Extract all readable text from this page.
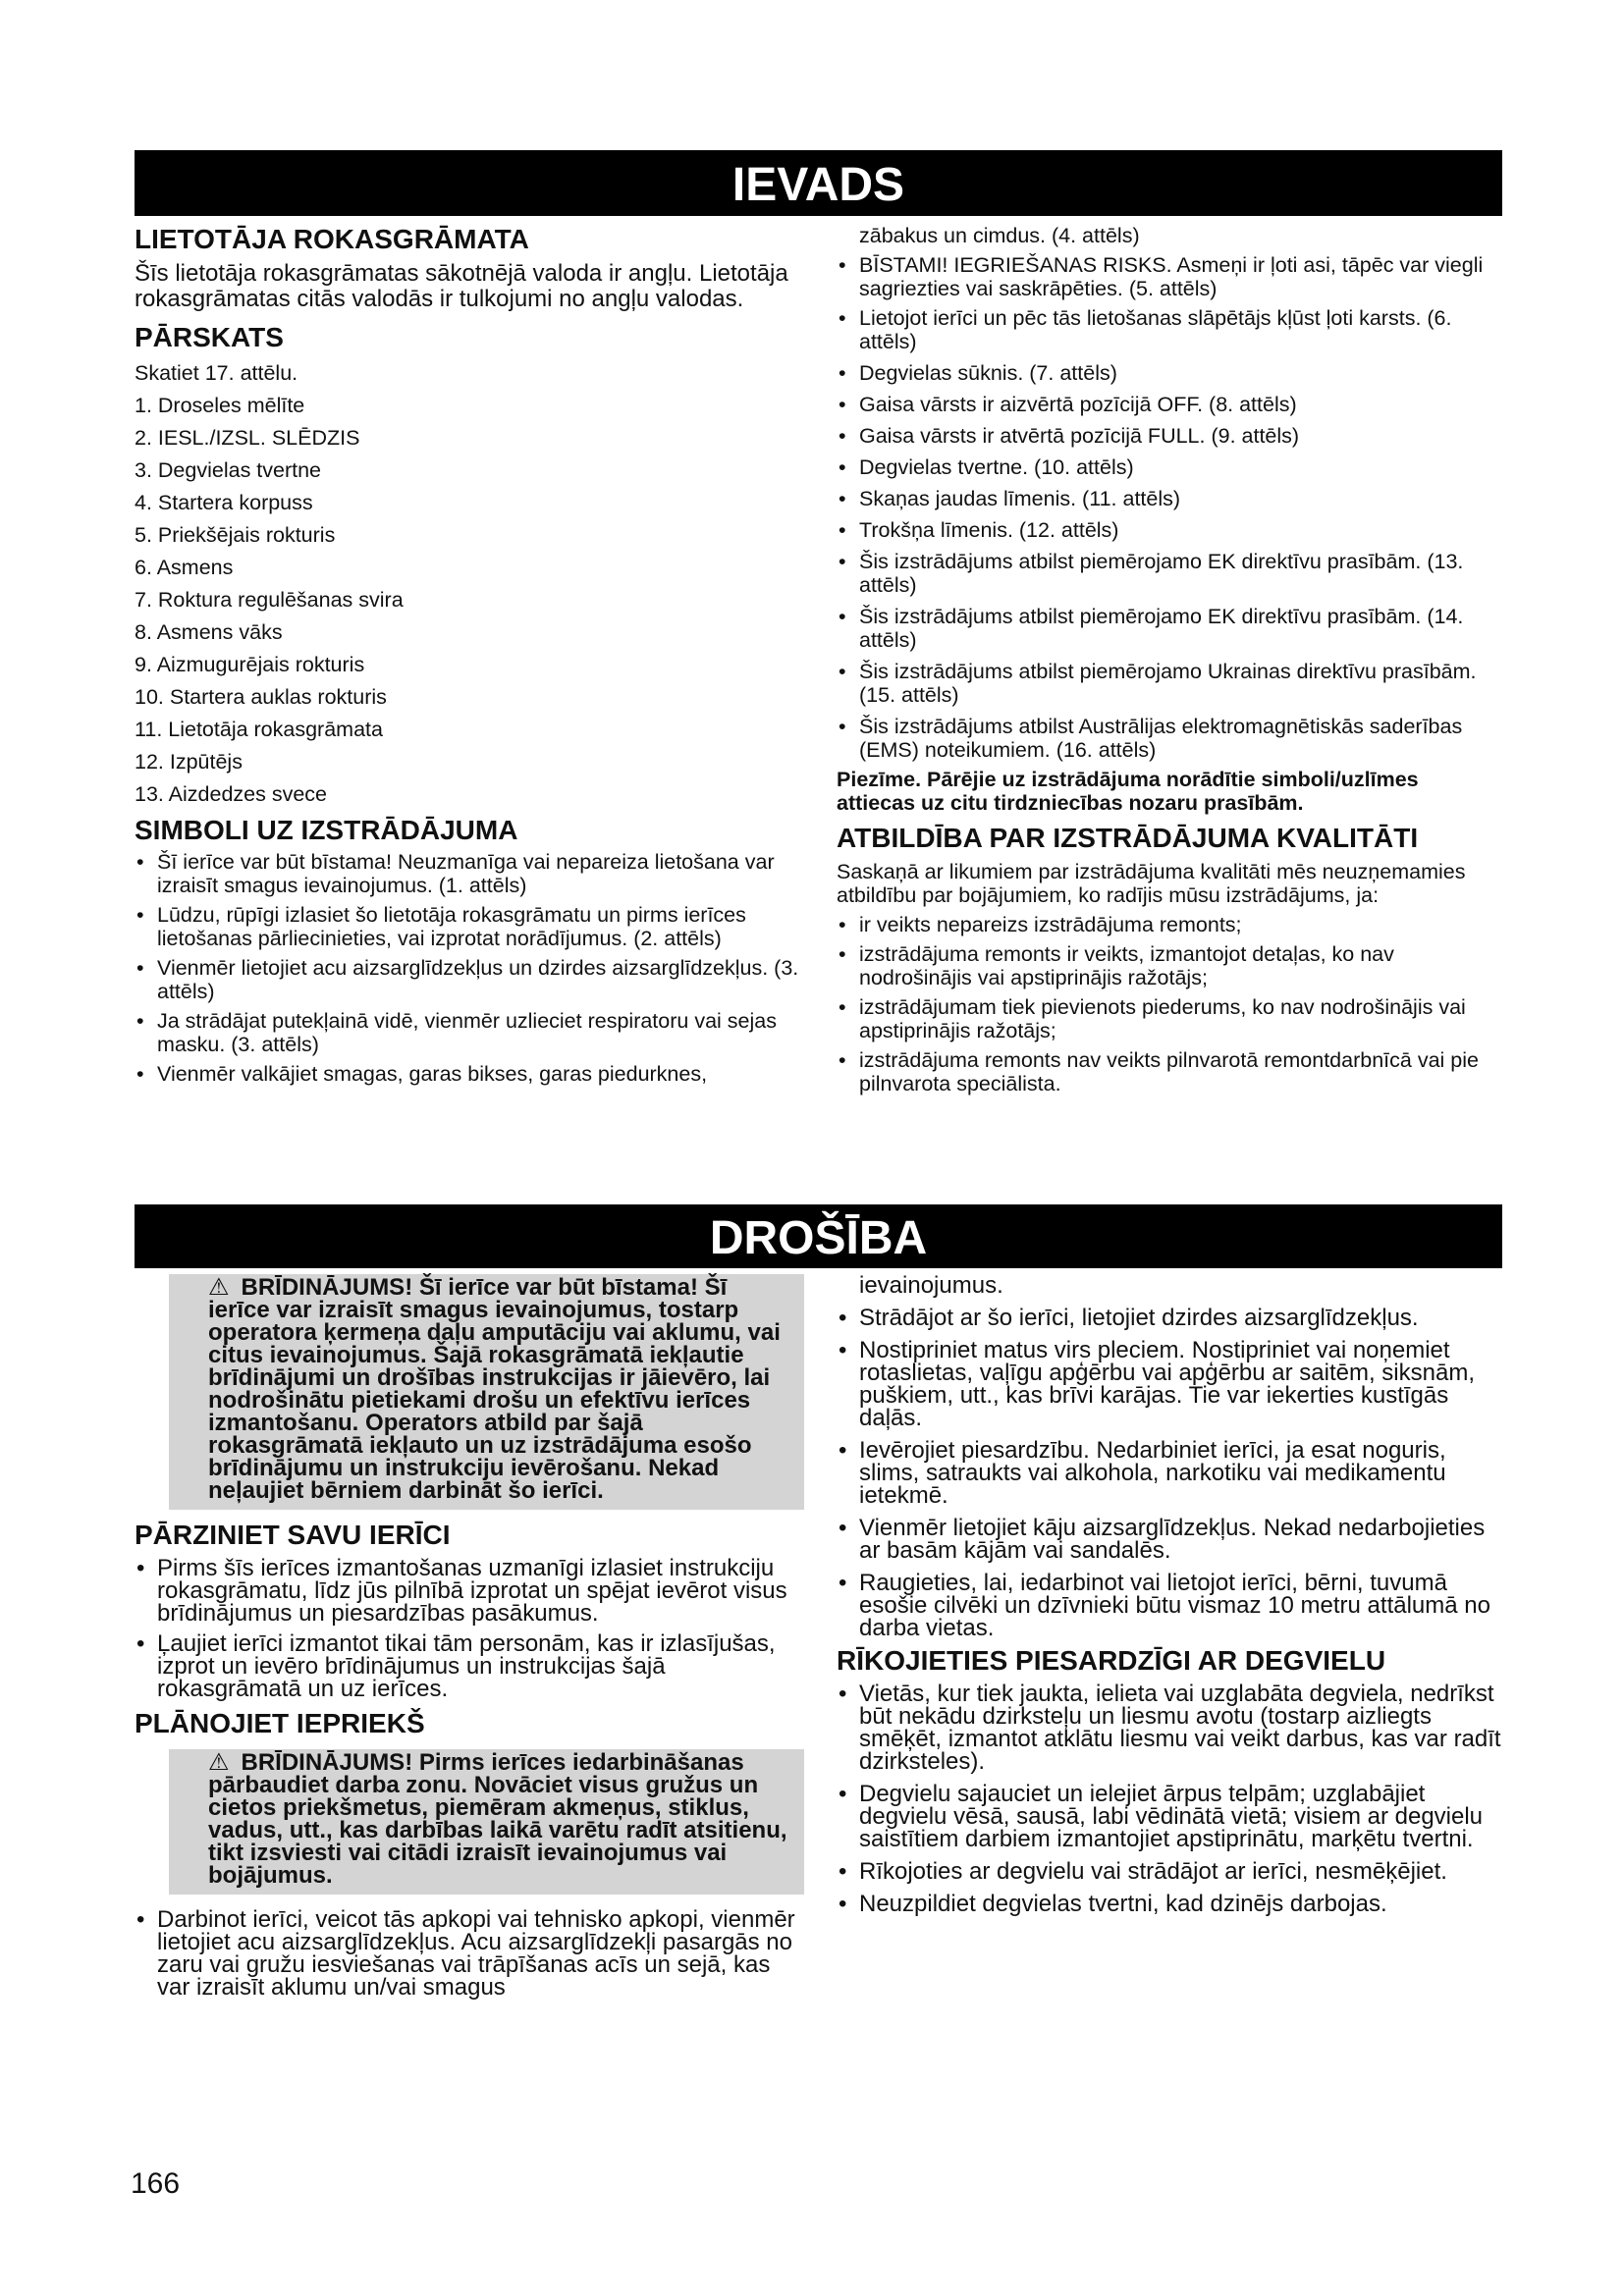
IEVADS
DROŠĪBA
LIETOTĀJA ROKASGRĀMATA

Šīs lietotāja rokasgrāmatas sākotnējā valoda ir angļu. Lietotāja rokasgrāmatas citās valodās ir tulkojumi no angļu valodas.

PĀRSKATS

Skatiet 17. attēlu.

1. Droseles mēlīte

2. IESL./IZSL. SLĒDZIS

3. Degvielas tvertne

4. Startera korpuss

5. Priekšējais rokturis

6. Asmens

7. Roktura regulēšanas svira

8. Asmens vāks

9. Aizmugurējais rokturis

10. Startera auklas rokturis

11. Lietotāja rokasgrāmata

12. Izpūtējs

13. Aizdedzes svece

SIMBOLI UZ IZSTRĀDĀJUMA

• Šī ierīce var būt bīstama! Neuzmanīga vai nepareiza lietošana var izraisīt smagus ievainojumus. (1. attēls)

• Lūdzu, rūpīgi izlasiet šo lietotāja rokasgrāmatu un pirms ierīces lietošanas pārliecinieties, vai izprotat norādījumus. (2. attēls)

• Vienmēr lietojiet acu aizsarglīdzekļus un dzirdes aizsarglīdzekļus. (3. attēls)

• Ja strādājat putekļainā vidē, vienmēr uzlieciet respiratoru vai sejas masku. (3. attēls)

• Vienmēr valkājiet smagas, garas bikses, garas piedurknes,

zābakus un cimdus. (4. attēls)

• BĪSTAMI! IEGRIEŠANAS RISKS. Asmeņi ir ļoti asi, tāpēc var viegli sagriezties vai saskrāpēties. (5. attēls)

• Lietojot ierīci un pēc tās lietošanas slāpētājs kļūst ļoti karsts. (6. attēls)

• Degvielas sūknis. (7. attēls)

• Gaisa vārsts ir aizvērtā pozīcijā OFF. (8. attēls)

• Gaisa vārsts ir atvērtā pozīcijā FULL. (9. attēls)

• Degvielas tvertne. (10. attēls)

• Skaņas jaudas līmenis. (11. attēls)

• Trokšņa līmenis. (12. attēls)

• Šis izstrādājums atbilst piemērojamo EK direktīvu prasībām. (13. attēls)

• Šis izstrādājums atbilst piemērojamo EK direktīvu prasībām. (14. attēls)

• Šis izstrādājums atbilst piemērojamo Ukrainas direktīvu prasībām. (15. attēls)

• Šis izstrādājums atbilst Austrālijas elektromagnētiskās saderības (EMS) noteikumiem. (16. attēls)

Piezīme. Pārējie uz izstrādājuma norādītie simboli/uzlīmes attiecas uz citu tirdzniecības nozaru prasībām.

ATBILDĪBA PAR IZSTRĀDĀJUMA KVALITĀTI

Saskaņā ar likumiem par izstrādājuma kvalitāti mēs neuzņemamies atbildību par bojājumiem, ko radījis mūsu izstrādājums, ja:

• ir veikts nepareizs izstrādājuma remonts;

• izstrādājuma remonts ir veikts, izmantojot detaļas, ko nav nodrošinājis vai apstiprinājis ražotājs;

• izstrādājumam tiek pievienots piederums, ko nav nodrošinājis vai apstiprinājis ražotājs;

• izstrādājuma remonts nav veikts pilnvarotā remontdarbnīcā vai pie pilnvarota speciālista.

⚠ BRĪDINĀJUMS! Šī ierīce var būt bīstama! Šī ierīce var izraisīt smagus ievainojumus, tostarp operatora ķermeņa daļu amputāciju vai aklumu, vai citus ievainojumus. Šajā rokasgrāmatā iekļautie brīdinājumi un drošības instrukcijas ir jāievēro, lai nodrošinātu pietiekami drošu un efektīvu ierīces izmantošanu. Operators atbild par šajā rokasgrāmatā iekļauto un uz izstrādājuma esošo brīdinājumu un instrukciju ievērošanu. Nekad neļaujiet bērniem darbināt šo ierīci.
PĀRZINIET SAVU IERĪCI

• Pirms šīs ierīces izmantošanas uzmanīgi izlasiet instrukciju rokasgrāmatu, līdz jūs pilnībā izprotat un spējat ievērot visus brīdinājumus un piesardzības pasākumus.

• Ļaujiet ierīci izmantot tikai tām personām, kas ir izlasījušas, izprot un ievēro brīdinājumus un instrukcijas šajā rokasgrāmatā un uz ierīces.

PLĀNOJIET IEPRIEKŠ
⚠ BRĪDINĀJUMS! Pirms ierīces iedarbināšanas pārbaudiet darba zonu. Novāciet visus gružus un cietos priekšmetus, piemēram akmeņus, stiklus, vadus, utt., kas darbības laikā varētu radīt atsitienu, tikt izsviesti vai citādi izraisīt ievainojumus vai bojājumus.

• Darbinot ierīci, veicot tās apkopi vai tehnisko apkopi, vienmēr lietojiet acu aizsarglīdzekļus. Acu aizsarglīdzekļi pasargās no zaru vai gružu iesviešanas vai trāpīšanas acīs un sejā, kas var izraisīt aklumu un/vai smagus

ievainojumus.

• Strādājot ar šo ierīci, lietojiet dzirdes aizsarglīdzekļus.

• Nostipriniet matus virs pleciem. Nostipriniet vai noņemiet rotaslietas, vaļīgu apģērbu vai apģērbu ar saitēm, siksnām, puškiem, utt., kas brīvi karājas. Tie var iekerties kustīgās daļās.

• Ievērojiet piesardzību. Nedarbiniet ierīci, ja esat noguris, slims, satraukts vai alkohola, narkotiku vai medikamentu ietekmē.

• Vienmēr lietojiet kāju aizsarglīdzekļus. Nekad nedarbojieties ar basām kājām vai sandalēs.

• Raugieties, lai, iedarbinot vai lietojot ierīci, bērni, tuvumā esošie cilvēki un dzīvnieki būtu vismaz 10 metru attālumā no darba vietas.

RĪKOJIETIES PIESARDZĪGI AR DEGVIELU

• Vietās, kur tiek jaukta, ielieta vai uzglabāta degviela, nedrīkst būt nekādu dzirksteļu un liesmu avotu (tostarp aizliegts smēķēt, izmantot atklātu liesmu vai veikt darbus, kas var radīt dzirksteles).

• Degvielu sajauciet un ielejiet ārpus telpām; uzglabājiet degvielu vēsā, sausā, labi vēdinātā vietā; visiem ar degvielu saistītiem darbiem izmantojiet apstiprinātu, marķētu tvertni.

• Rīkojoties ar degvielu vai strādājot ar ierīci, nesmēķējiet.

• Neuzpildiet degvielas tvertni, kad dzinējs darbojas.

166
